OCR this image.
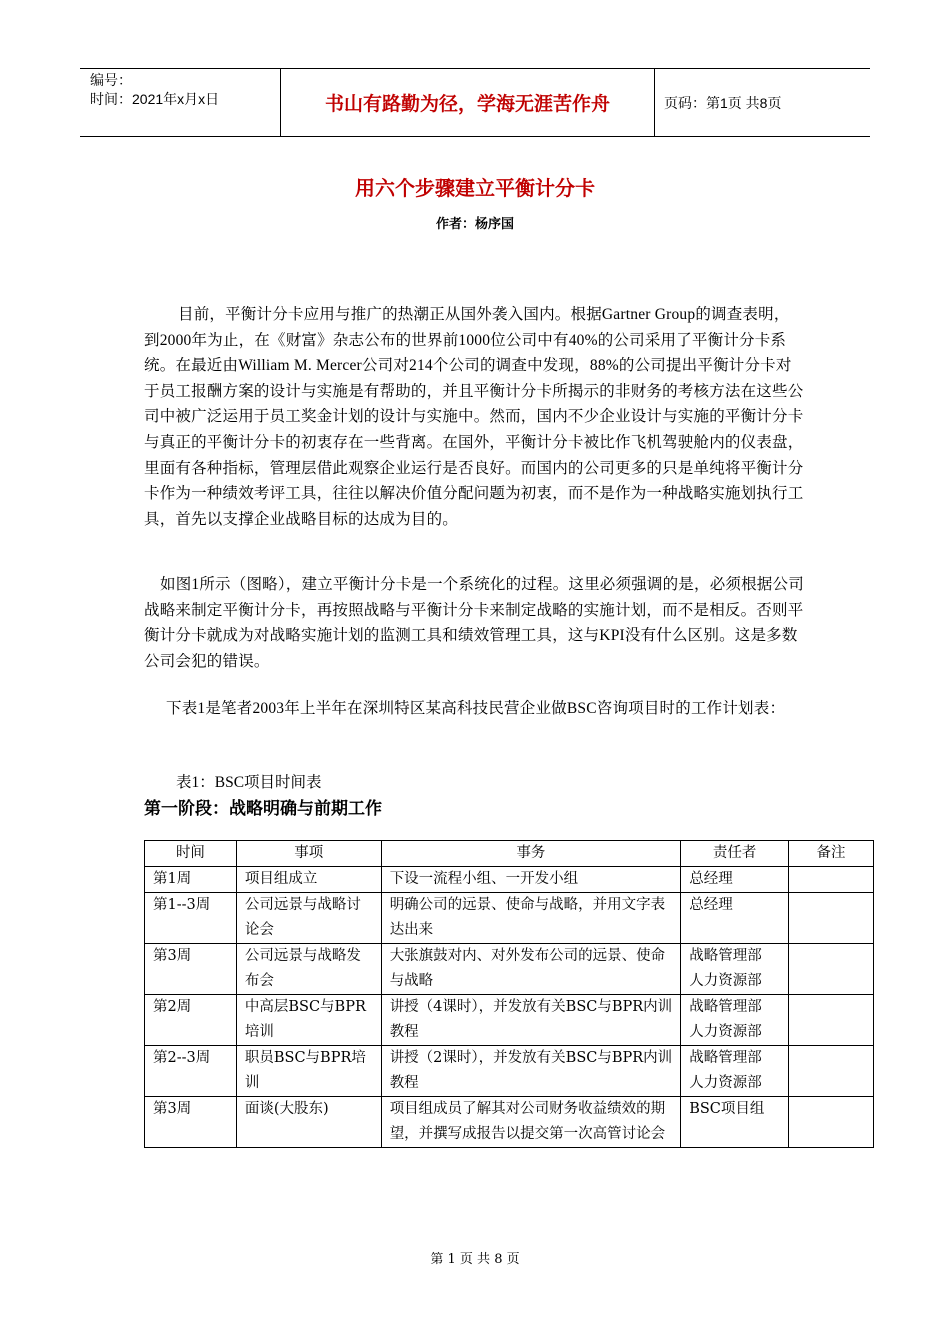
编号：
时间：2021年x月x日	书山有路勤为径，学海无涯苦作舟	页码：第1页 共8页
用六个步骤建立平衡计分卡
作者：杨序国
目前，平衡计分卡应用与推广的热潮正从国外袭入国内。根据Gartner Group的调查表明，到2000年为止，在《财富》杂志公布的世界前1000位公司中有40%的公司采用了平衡计分卡系统。在最近由William M. Mercer公司对214个公司的调查中发现，88%的公司提出平衡计分卡对于员工报酬方案的设计与实施是有帮助的，并且平衡计分卡所揭示的非财务的考核方法在这些公司中被广泛运用于员工奖金计划的设计与实施中。然而，国内不少企业设计与实施的平衡计分卡与真正的平衡计分卡的初衷存在一些背离。在国外，平衡计分卡被比作飞机驾驶舱内的仪表盘，里面有各种指标，管理层借此观察企业运行是否良好。而国内的公司更多的只是单纯将平衡计分卡作为一种绩效考评工具，往往以解决价值分配问题为初衷，而不是作为一种战略实施划执行工具，首先以支撑企业战略目标的达成为目的。
如图1所示（图略），建立平衡计分卡是一个系统化的过程。这里必须强调的是，必须根据公司战略来制定平衡计分卡，再按照战略与平衡计分卡来制定战略的实施计划，而不是相反。否则平衡计分卡就成为对战略实施计划的监测工具和绩效管理工具，这与KPI没有什么区别。这是多数公司会犯的错误。
下表1是笔者2003年上半年在深圳特区某高科技民营企业做BSC咨询项目时的工作计划表：
表1：BSC项目时间表
第一阶段：战略明确与前期工作
时间	事项	事务	责任者	备注
第1周	项目组成立	下设一流程小组、一开发小组	总经理	
第1--3周	公司远景与战略讨论会	明确公司的远景、使命与战略，并用文字表达出来	总经理	
第3周	公司远景与战略发布会	大张旗鼓对内、对外发布公司的远景、使命与战略	战略管理部
人力资源部	
第2周	中高层BSC与BPR培训	讲授（4课时），并发放有关BSC与BPR内训教程	战略管理部
人力资源部	
第2--3周	职员BSC与BPR培训	讲授（2课时），并发放有关BSC与BPR内训教程	战略管理部
人力资源部	
第3周	面谈(大股东)	项目组成员了解其对公司财务收益绩效的期望，并撰写成报告以提交第一次高管讨论会	BSC项目组	
第 1 页 共 8 页
